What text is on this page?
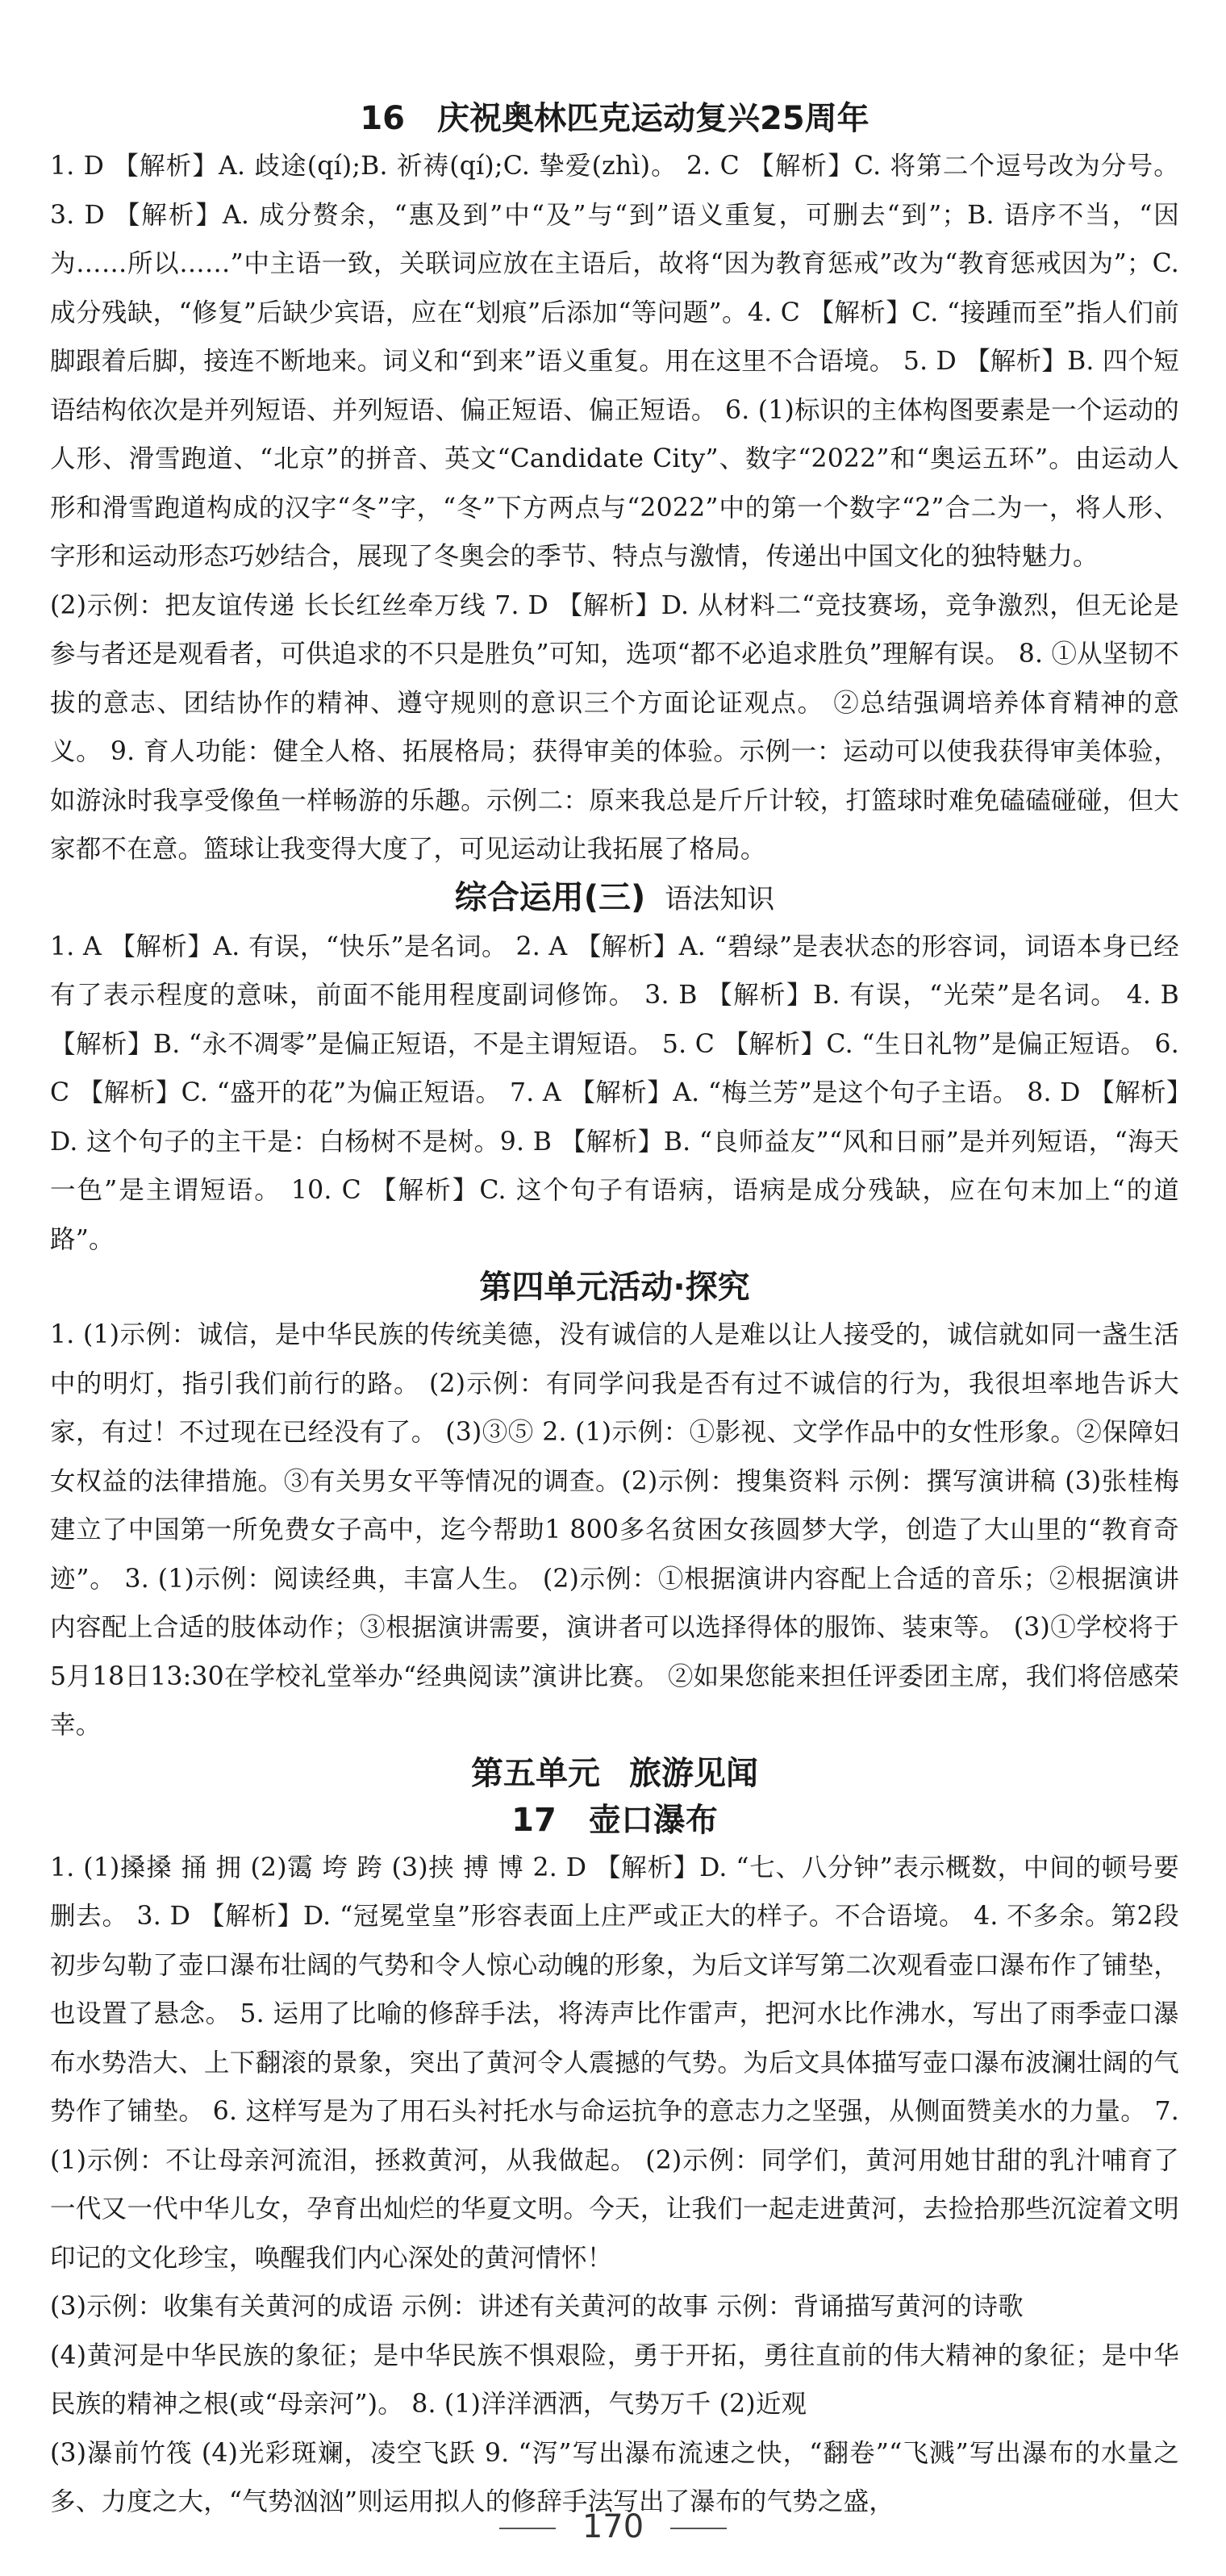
16 庆祝奥林匹克运动复兴25周年

1. D 【解析】A. 歧途(qí);B. 祈祷(qí);C. 挚爱(zhì)。 2. C 【解析】C. 将第二个逗号改为分号。 3. D 【解析】A. 成分赘余，“惠及到”中“及”与“到”语义重复，可删去“到”；B. 语序不当，“因为……所以……”中主语一致，关联词应放在主语后，故将“因为教育惩戒”改为“教育惩戒因为”；C. 成分残缺，“修复”后缺少宾语，应在“划痕”后添加“等问题”。4. C 【解析】C. “接踵而至”指人们前脚跟着后脚，接连不断地来。词义和“到来”语义重复。用在这里不合语境。 5. D 【解析】B. 四个短语结构依次是并列短语、并列短语、偏正短语、偏正短语。 6. (1)标识的主体构图要素是一个运动的人形、滑雪跑道、“北京”的拼音、英文“Candidate City”、数字“2022”和“奥运五环”。由运动人形和滑雪跑道构成的汉字“冬”字，“冬”下方两点与“2022”中的第一个数字“2”合二为一，将人形、字形和运动形态巧妙结合，展现了冬奥会的季节、特点与激情，传递出中国文化的独特魅力。

(2)示例：把友谊传递 长长红丝牵万线 7. D 【解析】D. 从材料二“竞技赛场，竞争激烈，但无论是参与者还是观看者，可供追求的不只是胜负”可知，选项“都不必追求胜负”理解有误。 8. ①从坚韧不拔的意志、团结协作的精神、遵守规则的意识三个方面论证观点。 ②总结强调培养体育精神的意义。 9. 育人功能：健全人格、拓展格局；获得审美的体验。示例一：运动可以使我获得审美体验，如游泳时我享受像鱼一样畅游的乐趣。示例二：原来我总是斤斤计较，打篮球时难免磕磕碰碰，但大家都不在意。篮球让我变得大度了，可见运动让我拓展了格局。

综合运用(三) 语法知识

1. A 【解析】A. 有误，“快乐”是名词。 2. A 【解析】A. “碧绿”是表状态的形容词，词语本身已经有了表示程度的意味，前面不能用程度副词修饰。 3. B 【解析】B. 有误，“光荣”是名词。 4. B 【解析】B. “永不凋零”是偏正短语，不是主谓短语。 5. C 【解析】C. “生日礼物”是偏正短语。 6. C 【解析】C. “盛开的花”为偏正短语。 7. A 【解析】A. “梅兰芳”是这个句子主语。 8. D 【解析】D. 这个句子的主干是：白杨树不是树。9. B 【解析】B. “良师益友”“风和日丽”是并列短语，“海天一色”是主谓短语。 10. C 【解析】C. 这个句子有语病，语病是成分残缺，应在句末加上“的道路”。

第四单元活动·探究

1. (1)示例：诚信，是中华民族的传统美德，没有诚信的人是难以让人接受的，诚信就如同一盏生活中的明灯，指引我们前行的路。 (2)示例：有同学问我是否有过不诚信的行为，我很坦率地告诉大家，有过！不过现在已经没有了。 (3)③⑤ 2. (1)示例：①影视、文学作品中的女性形象。②保障妇女权益的法律措施。③有关男女平等情况的调查。(2)示例：搜集资料 示例：撰写演讲稿 (3)张桂梅建立了中国第一所免费女子高中，迄今帮助1 800多名贫困女孩圆梦大学，创造了大山里的“教育奇迹”。 3. (1)示例：阅读经典，丰富人生。 (2)示例：①根据演讲内容配上合适的音乐；②根据演讲内容配上合适的肢体动作；③根据演讲需要，演讲者可以选择得体的服饰、装束等。 (3)①学校将于5月18日13:30在学校礼堂举办“经典阅读”演讲比赛。 ②如果您能来担任评委团主席，我们将倍感荣幸。

第五单元 旅游见闻
17 壶口瀑布

1. (1)搡搡 捅 拥 (2)霭 垮 跨 (3)挟 搏 博 2. D 【解析】D. “七、八分钟”表示概数，中间的顿号要删去。 3. D 【解析】D. “冠冕堂皇”形容表面上庄严或正大的样子。不合语境。 4. 不多余。第2段初步勾勒了壶口瀑布壮阔的气势和令人惊心动魄的形象，为后文详写第二次观看壶口瀑布作了铺垫，也设置了悬念。 5. 运用了比喻的修辞手法，将涛声比作雷声，把河水比作沸水，写出了雨季壶口瀑布水势浩大、上下翻滚的景象，突出了黄河令人震撼的气势。为后文具体描写壶口瀑布波澜壮阔的气势作了铺垫。 6. 这样写是为了用石头衬托水与命运抗争的意志力之坚强，从侧面赞美水的力量。 7. (1)示例：不让母亲河流泪，拯救黄河，从我做起。 (2)示例：同学们，黄河用她甘甜的乳汁哺育了一代又一代中华儿女，孕育出灿烂的华夏文明。今天，让我们一起走进黄河，去捡拾那些沉淀着文明印记的文化珍宝，唤醒我们内心深处的黄河情怀！

(3)示例：收集有关黄河的成语 示例：讲述有关黄河的故事 示例：背诵描写黄河的诗歌

(4)黄河是中华民族的象征；是中华民族不惧艰险，勇于开拓，勇往直前的伟大精神的象征；是中华民族的精神之根(或“母亲河”)。 8. (1)洋洋洒洒，气势万千 (2)近观

(3)瀑前竹筏 (4)光彩斑斓，凌空飞跃 9. “泻”写出瀑布流速之快，“翻卷”“飞溅”写出瀑布的水量之多、力度之大，“气势汹汹”则运用拟人的修辞手法写出了瀑布的气势之盛，

170
